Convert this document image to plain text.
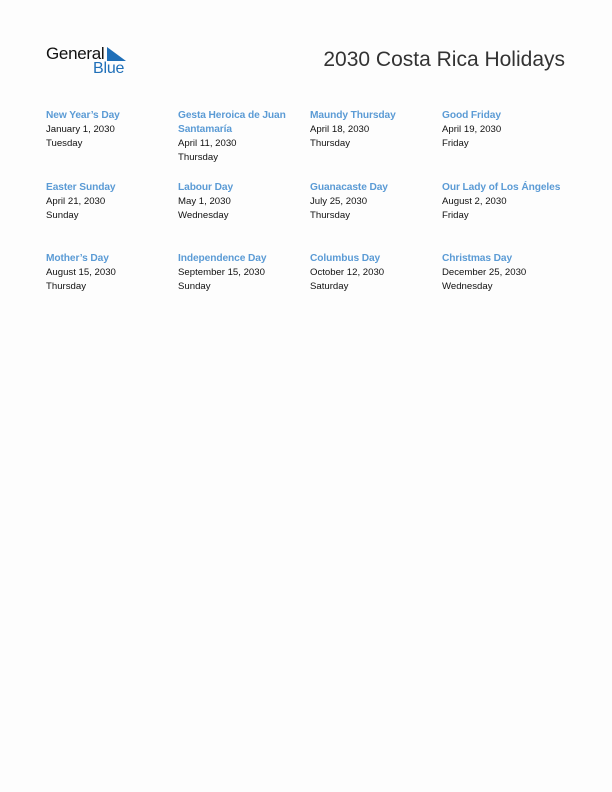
General
Blue	2030 Costa Rica Holidays
New Year’s Day
January 1, 2030
Tuesday
Gesta Heroica de Juan Santamaría
April 11, 2030
Thursday
Maundy Thursday
April 18, 2030
Thursday
Good Friday
April 19, 2030
Friday
Easter Sunday
April 21, 2030
Sunday
Labour Day
May 1, 2030
Wednesday
Guanacaste Day
July 25, 2030
Thursday
Our Lady of Los Ángeles
August 2, 2030
Friday
Mother’s Day
August 15, 2030
Thursday
Independence Day
September 15, 2030
Sunday
Columbus Day
October 12, 2030
Saturday
Christmas Day
December 25, 2030
Wednesday
